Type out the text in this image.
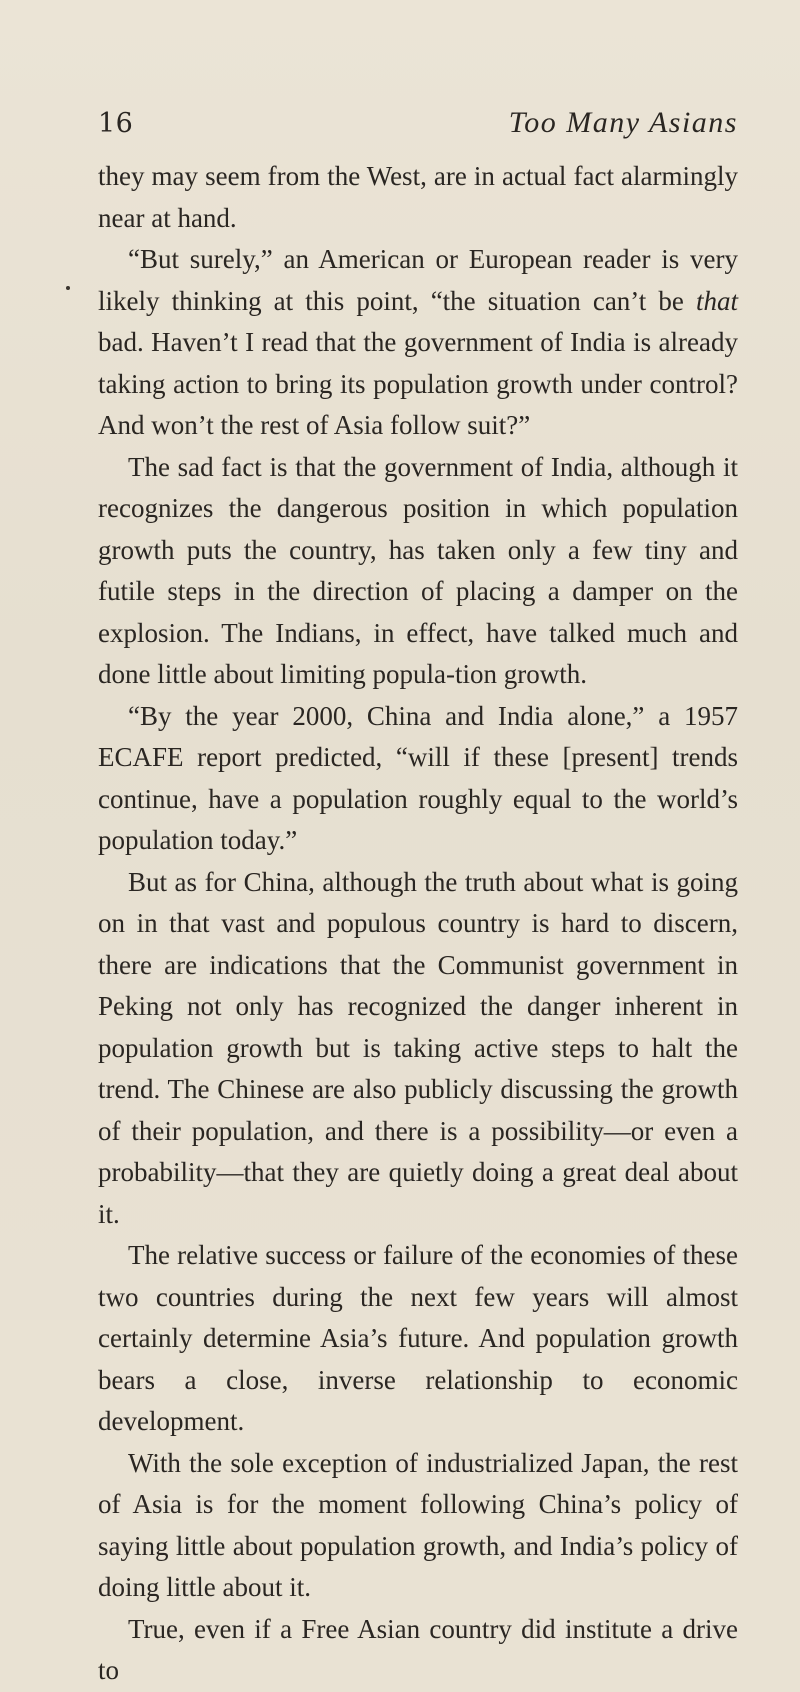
16	Too Many Asians

they may seem from the West, are in actual fact alarmingly near at hand.

“But surely,” an American or European reader is very likely thinking at this point, “the situation can’t be that bad. Haven’t I read that the government of India is already taking action to bring its population growth under control? And won’t the rest of Asia follow suit?”

The sad fact is that the government of India, although it recognizes the dangerous position in which population growth puts the country, has taken only a few tiny and futile steps in the direction of placing a damper on the explosion. The Indians, in effect, have talked much and done little about limiting popula-tion growth.

“By the year 2000, China and India alone,” a 1957 ECAFE report predicted, “will if these [present] trends continue, have a population roughly equal to the world’s population today.”

But as for China, although the truth about what is going on in that vast and populous country is hard to discern, there are indications that the Communist government in Peking not only has recognized the danger inherent in population growth but is taking active steps to halt the trend. The Chinese are also publicly discussing the growth of their population, and there is a possibility—or even a probability—that they are quietly doing a great deal about it.

The relative success or failure of the economies of these two countries during the next few years will almost certainly determine Asia’s future. And population growth bears a close, inverse relationship to economic development.

With the sole exception of industrialized Japan, the rest of Asia is for the moment following China’s policy of saying little about population growth, and India’s policy of doing little about it.

True, even if a Free Asian country did institute a drive to
